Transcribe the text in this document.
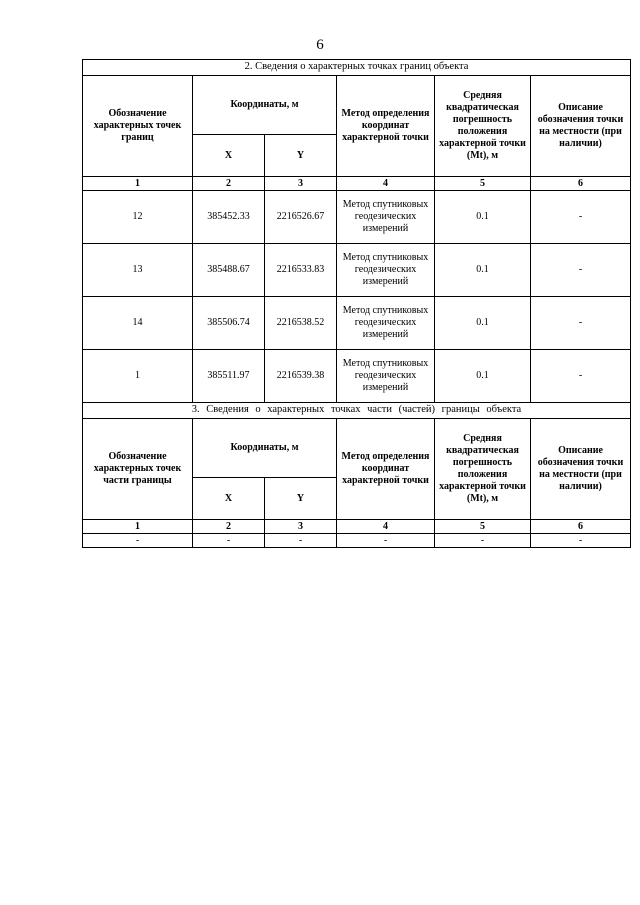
6
2. Сведения о характерных точках границ объекта					
Обозначение характерных точек границ	Координаты, м		Метод определения координат характерной точки	Средняя квадратическая погрешность положения характерной точки (Mt), м	Описание обозначения точки на местности (при наличии)
	X	Y			
1	2	3	4	5	6
12	385452.33	2216526.67	Метод спутниковых геодезических измерений	0.1	-
13	385488.67	2216533.83	Метод спутниковых геодезических измерений	0.1	-
14	385506.74	2216538.52	Метод спутниковых геодезических измерений	0.1	-
1	385511.97	2216539.38	Метод спутниковых геодезических измерений	0.1	-
3. Сведения о характерных точках части (частей) границы объекта					
Обозначение характерных точек части границы	Координаты, м		Метод определения координат характерной точки	Средняя квадратическая погрешность положения характерной точки (Mt), м	Описание обозначения точки на местности (при наличии)
	X	Y			
1	2	3	4	5	6
-	-	-	-	-	-
